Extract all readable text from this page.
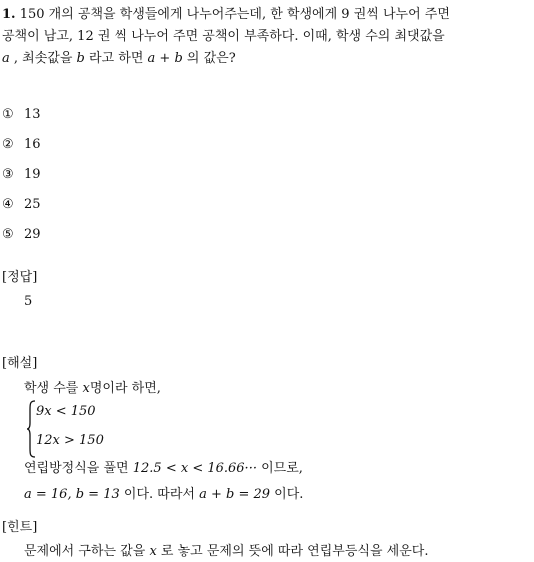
1. 150 개의 공책을 학생들에게 나누어주는데, 한 학생에게 9 권씩 나누어 주면
공책이 남고, 12 권 씩 나누어 주면 공책이 부족하다. 이때, 학생 수의 최댓값을
a , 최솟값을 b 라고 하면 a + b 의 값은?
① 13
② 16
③ 19
④ 25
⑤ 29
[정답]
5
[해설]
학생 수를 x명이라 하면,
9x < 150
12x > 150
연립방정식을 풀면 12.5 < x < 16.66··· 이므로,
a = 16, b = 13 이다. 따라서 a + b = 29 이다.
[힌트]
문제에서 구하는 값을 x 로 놓고 문제의 뜻에 따라 연립부등식을 세운다.
